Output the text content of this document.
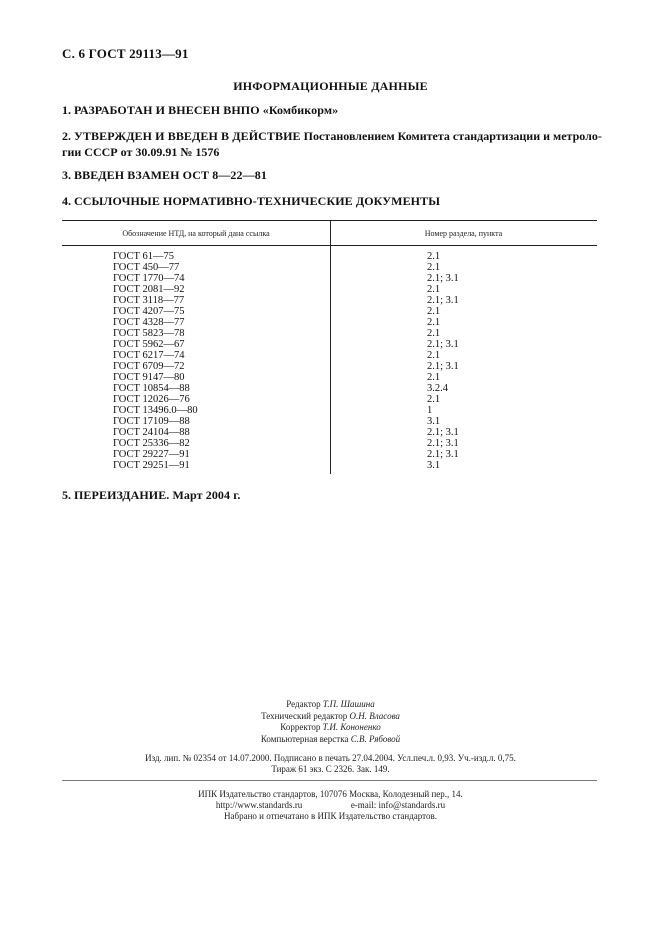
С. 6 ГОСТ 29113—91
ИНФОРМАЦИОННЫЕ ДАННЫЕ
1. РАЗРАБОТАН И ВНЕСЕН ВНПО «Комбикорм»
2. УТВЕРЖДЕН И ВВЕДЕН В ДЕЙСТВИЕ Постановлением Комитета стандартизации и метроло-
гии СССР от 30.09.91 № 1576
3. ВВЕДЕН ВЗАМЕН ОСТ 8—22—81
4. ССЫЛОЧНЫЕ НОРМАТИВНО-ТЕХНИЧЕСКИЕ ДОКУМЕНТЫ
Обозначение НТД, на который дана ссылка	Номер раздела, пункта
ГОСТ 61—75	2.1
ГОСТ 450—77	2.1
ГОСТ 1770—74	2.1; 3.1
ГОСТ 2081—92	2.1
ГОСТ 3118—77	2.1; 3.1
ГОСТ 4207—75	2.1
ГОСТ 4328—77	2.1
ГОСТ 5823—78	2.1
ГОСТ 5962—67	2.1; 3.1
ГОСТ 6217—74	2.1
ГОСТ 6709—72	2.1; 3.1
ГОСТ 9147—80	2.1
ГОСТ 10854—88	3.2.4
ГОСТ 12026—76	2.1
ГОСТ 13496.0—80	1
ГОСТ 17109—88	3.1
ГОСТ 24104—88	2.1; 3.1
ГОСТ 25336—82	2.1; 3.1
ГОСТ 29227—91	2.1; 3.1
ГОСТ 29251—91	3.1
5. ПЕРЕИЗДАНИЕ. Март 2004 г.
Редактор Т.П. Шашина
Технический редактор О.Н. Власова
Корректор Т.И. Кононенко
Компьютерная верстка С.В. Рябовой
Изд. лип. № 02354 от 14.07.2000. Подписано в печать 27.04.2004. Усл.печ.л. 0,93. Уч.-изд.л. 0,75.
Тираж 61 экз. С 2326. Зак. 149.
ИПК Издательство стандартов, 107076 Москва, Колодезный пер., 14.
http://www.standards.ru	e-mail: info@standards.ru
Набрано и отпечатано в ИПК Издательство стандартов.
